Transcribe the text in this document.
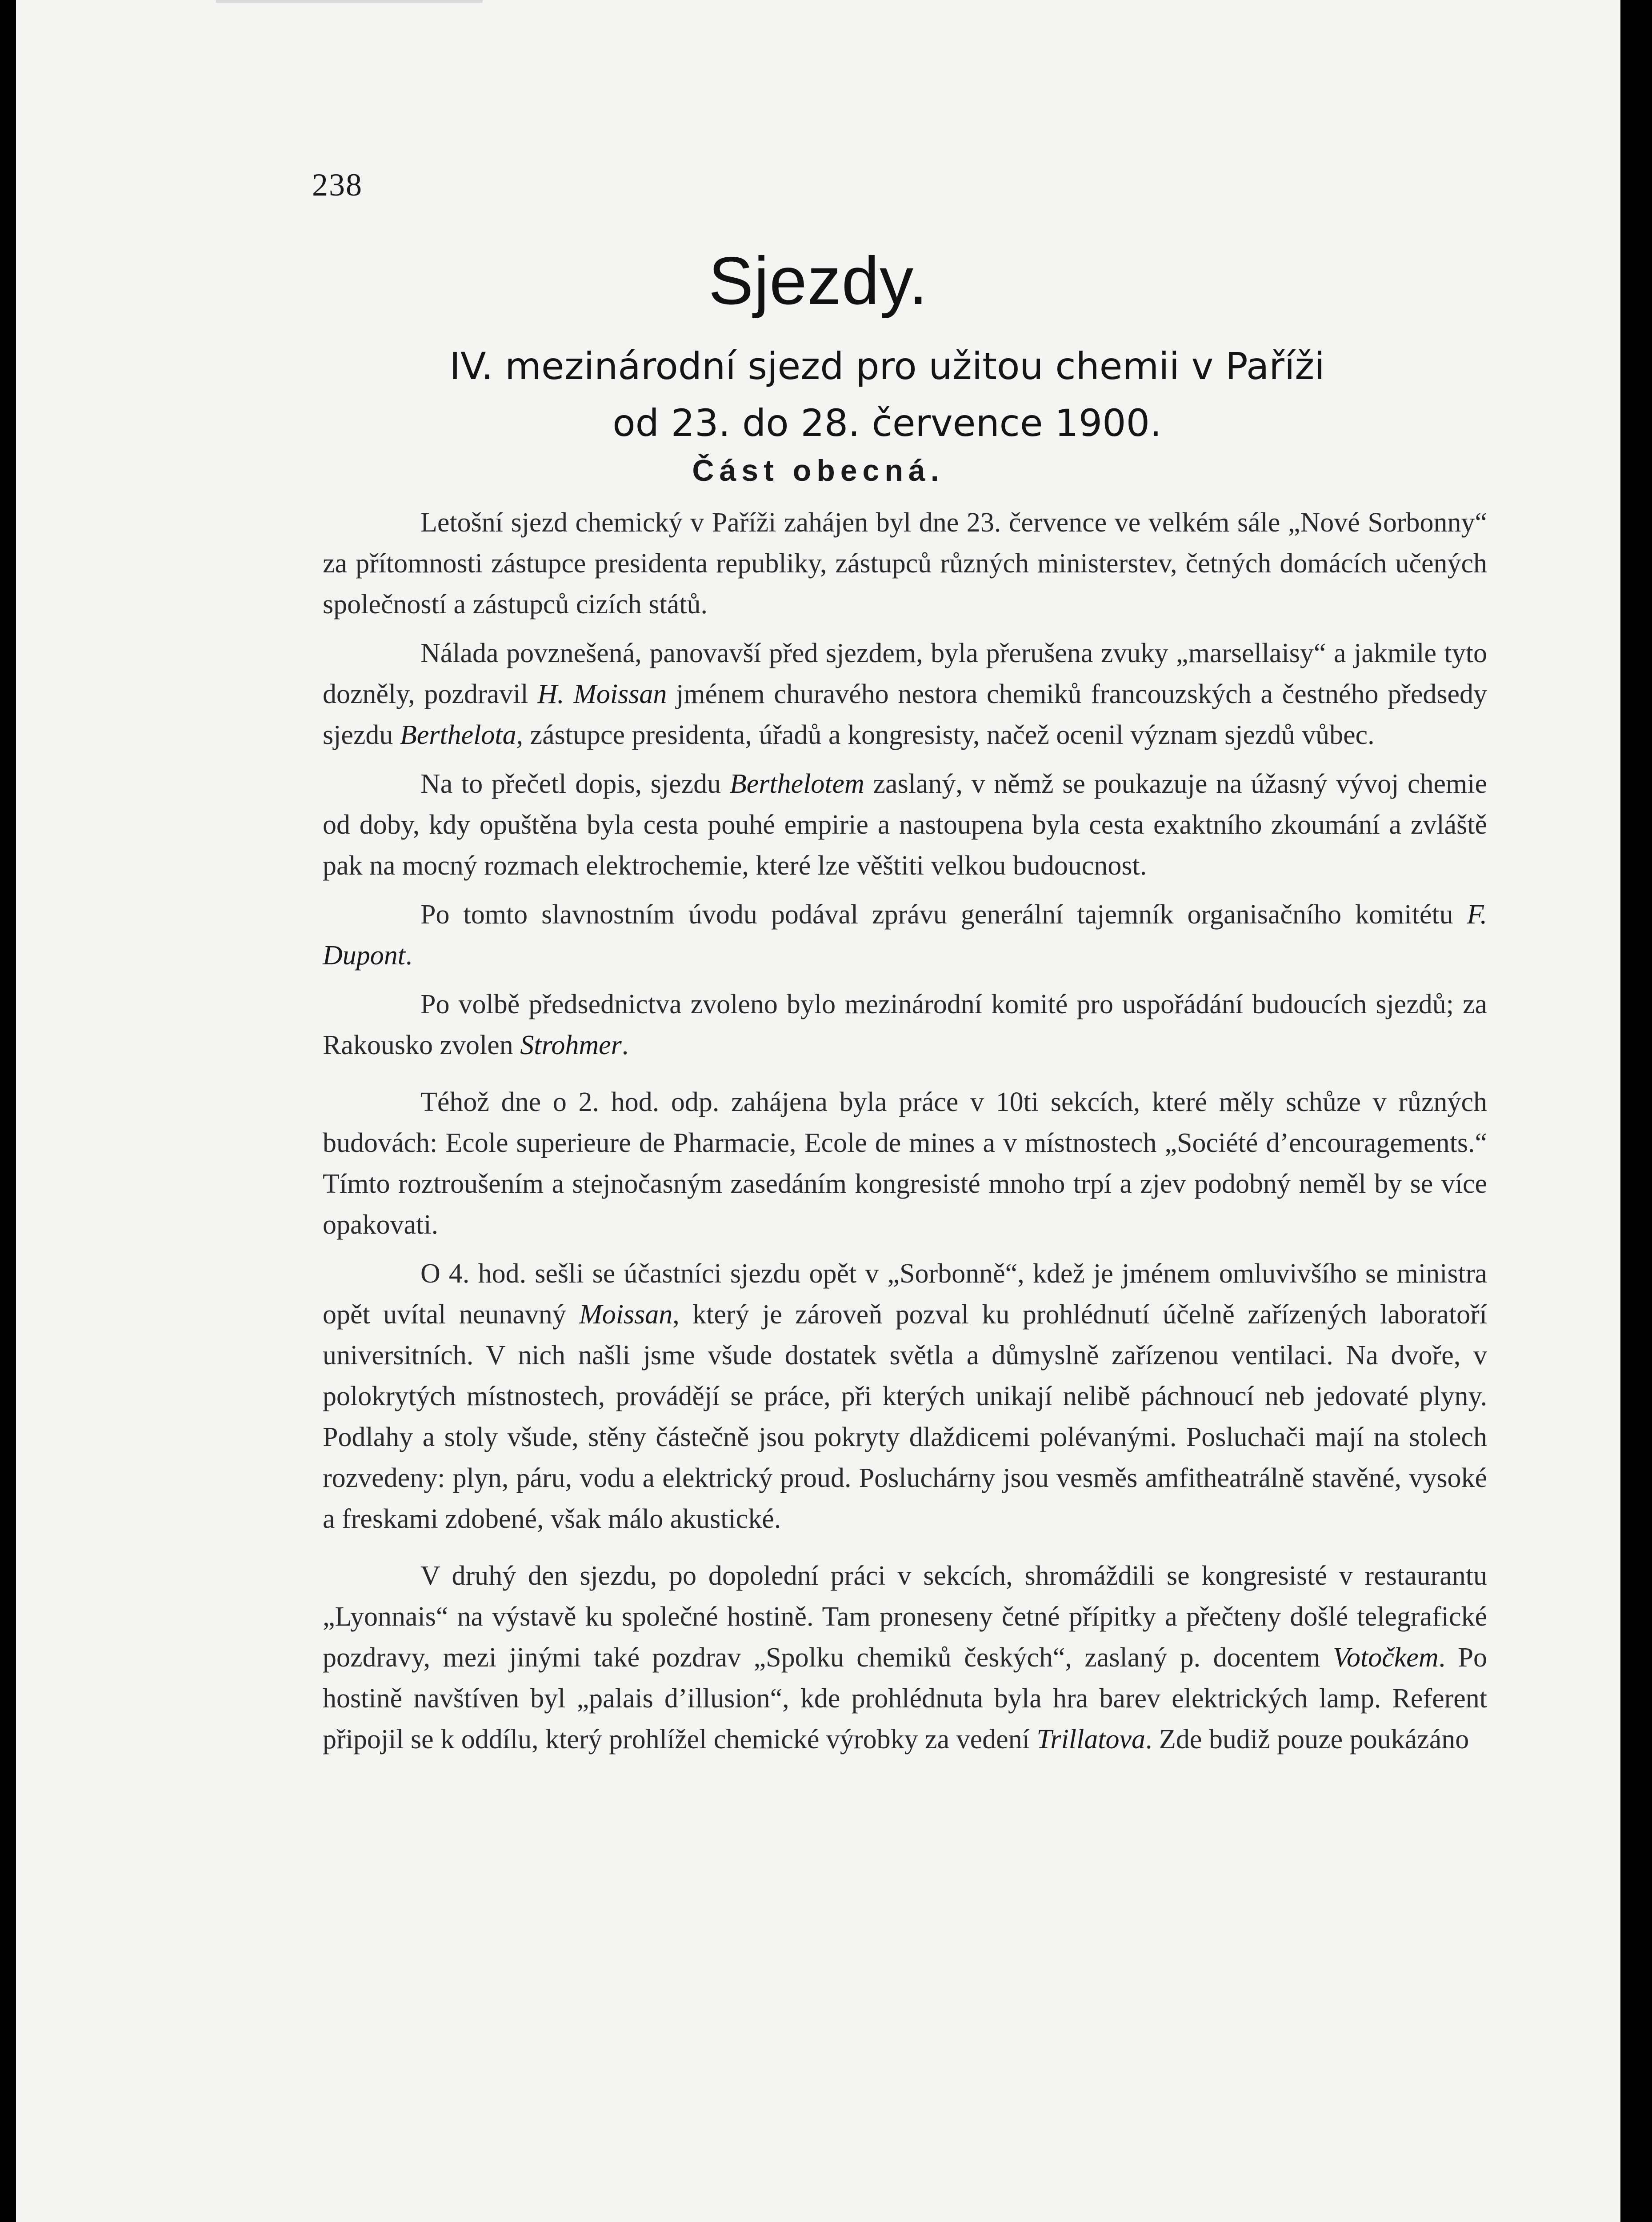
238
Sjezdy.
IV. mezinárodní sjezd pro užitou chemii v Paříži
od 23. do 28. července 1900.
Část obecná.

Letošní sjezd chemický v Paříži zahájen byl dne 23. července ve velkém sále „Nové Sorbonny“ za přítomnosti zástupce presidenta republiky, zástupců různých ministerstev, četných domácích učených společností a zástupců cizích států.

Nálada povznešená, panovavší před sjezdem, byla přerušena zvuky „marsellaisy“ a jakmile tyto dozněly, pozdravil H. Moissan jménem churavého nestora chemiků francouzských a čestného předsedy sjezdu Berthelota, zástupce presidenta, úřadů a kongresisty, načež ocenil význam sjezdů vůbec.

Na to přečetl dopis, sjezdu Berthelotem zaslaný, v němž se poukazuje na úžasný vývoj chemie od doby, kdy opuštěna byla cesta pouhé empirie a nastoupena byla cesta exaktního zkoumání a zvláště pak na mocný rozmach elektrochemie, které lze věštiti velkou budoucnost.

Po tomto slavnostním úvodu podával zprávu generální tajemník organisačního komitétu F. Dupont.

Po volbě předsednictva zvoleno bylo mezinárodní komité pro uspořádání budoucích sjezdů; za Rakousko zvolen Strohmer.

Téhož dne o 2. hod. odp. zahájena byla práce v 10ti sekcích, které měly schůze v různých budovách: Ecole superieure de Pharmacie, Ecole de mines a v místnostech „Société d’encouragements.“ Tímto roztroušením a stejnočasným zasedáním kongresisté mnoho trpí a zjev podobný neměl by se více opakovati.

O 4. hod. sešli se účastníci sjezdu opět v „Sorbonně“, kdež je jménem omluvivšího se ministra opět uvítal neunavný Moissan, který je zároveň pozval ku prohlédnutí účelně zařízených laboratoří universitních. V nich našli jsme všude dostatek světla a důmyslně zařízenou ventilaci. Na dvoře, v polokrytých místnostech, provádějí se práce, při kterých unikají nelibě páchnoucí neb jedovaté plyny. Podlahy a stoly všude, stěny částečně jsou pokryty dlaždicemi polévanými. Posluchači mají na stolech rozvedeny: plyn, páru, vodu a elektrický proud. Posluchárny jsou vesměs amfitheatrálně stavěné, vysoké a freskami zdobené, však málo akustické.

V druhý den sjezdu, po dopolední práci v sekcích, shromáždili se kongresisté v restaurantu „Lyonnais“ na výstavě ku společné hostině. Tam proneseny četné přípitky a přečteny došlé telegrafické pozdravy, mezi jinými také pozdrav „Spolku chemiků českých“, zaslaný p. docentem Votočkem. Po hostině navštíven byl „palais d’illusion“, kde prohlédnuta byla hra barev elektrických lamp. Referent připojil se k oddílu, který prohlížel chemické výrobky za vedení Trillatova. Zde budiž pouze poukázáno
